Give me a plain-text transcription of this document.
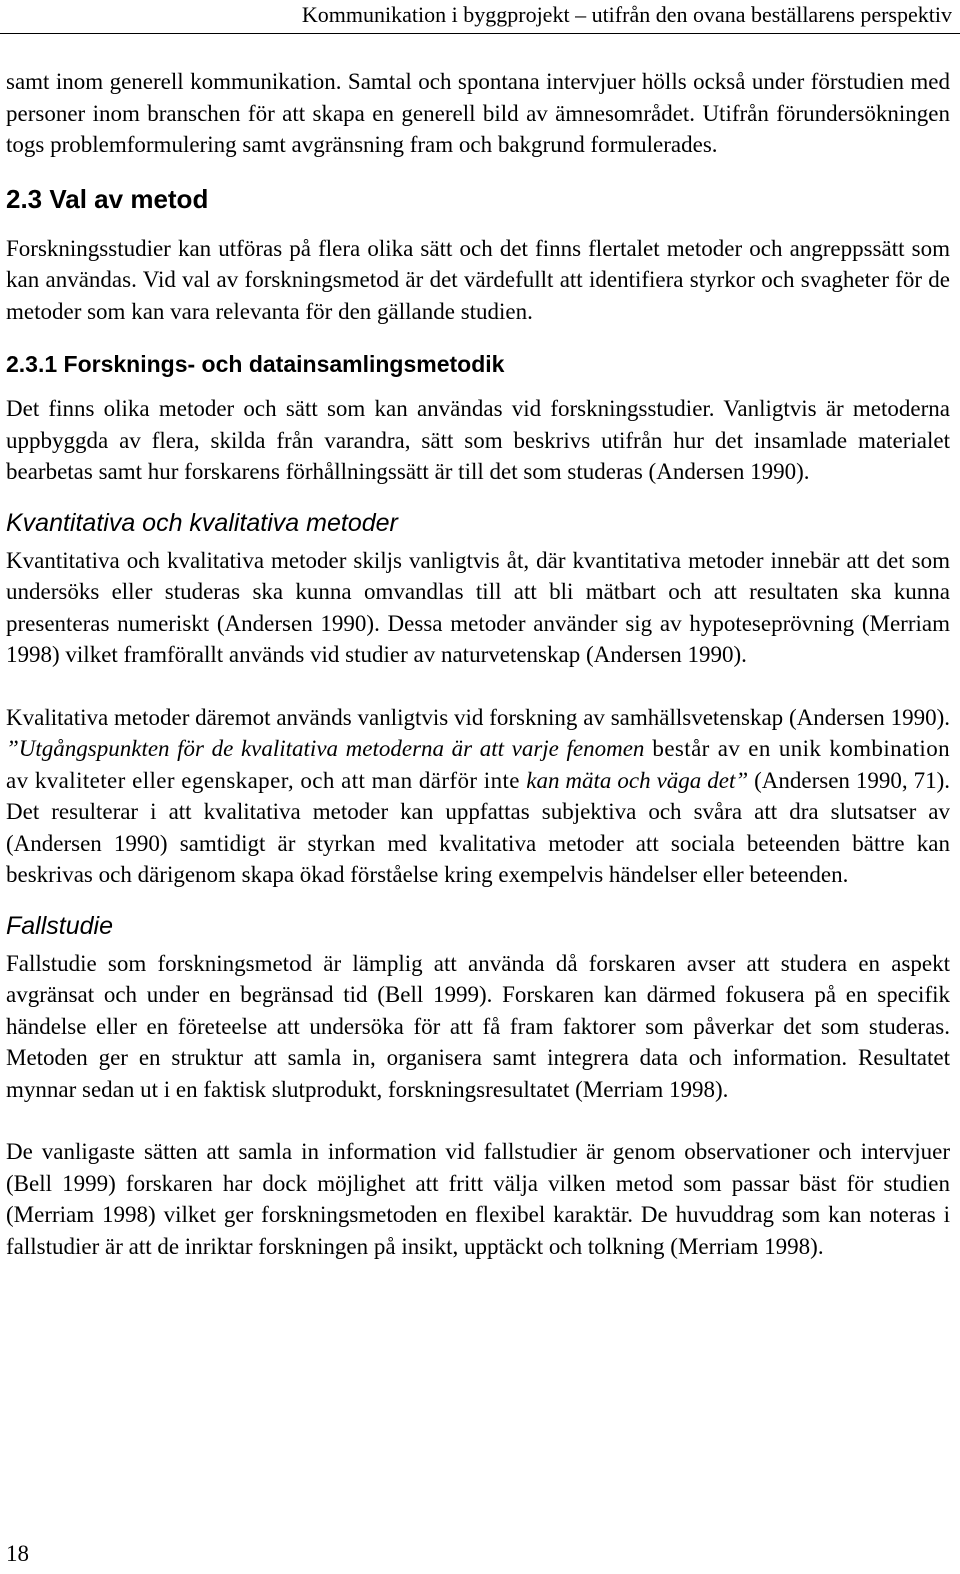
Kommunikation i byggprojekt – utifrån den ovana beställarens perspektiv

samt inom generell kommunikation. Samtal och spontana intervjuer hölls också under förstudien med personer inom branschen för att skapa en generell bild av ämnesområdet. Utifrån förundersökningen togs problemformulering samt avgränsning fram och bakgrund formulerades.

2.3 Val av metod

Forskningsstudier kan utföras på flera olika sätt och det finns flertalet metoder och angreppssätt som kan användas. Vid val av forskningsmetod är det värdefullt att identifiera styrkor och svagheter för de metoder som kan vara relevanta för den gällande studien.

2.3.1 Forsknings- och datainsamlingsmetodik

Det finns olika metoder och sätt som kan användas vid forskningsstudier. Vanligtvis är metoderna uppbyggda av flera, skilda från varandra, sätt som beskrivs utifrån hur det insamlade materialet bearbetas samt hur forskarens förhållningssätt är till det som studeras (Andersen 1990).

Kvantitativa och kvalitativa metoder

Kvantitativa och kvalitativa metoder skiljs vanligtvis åt, där kvantitativa metoder innebär att det som undersöks eller studeras ska kunna omvandlas till att bli mätbart och att resultaten ska kunna presenteras numeriskt (Andersen 1990). Dessa metoder använder sig av hypoteseprövning (Merriam 1998) vilket framförallt används vid studier av naturvetenskap (Andersen 1990).

Kvalitativa metoder däremot används vanligtvis vid forskning av samhällsvetenskap (Andersen 1990). ”Utgångspunkten för de kvalitativa metoderna är att varje fenomen består av en unik kombination av kvaliteter eller egenskaper, och att man därför inte kan mäta och väga det” (Andersen 1990, 71). Det resulterar i att kvalitativa metoder kan uppfattas subjektiva och svåra att dra slutsatser av (Andersen 1990) samtidigt är styrkan med kvalitativa metoder att sociala beteenden bättre kan beskrivas och därigenom skapa ökad förståelse kring exempelvis händelser eller beteenden.

Fallstudie

Fallstudie som forskningsmetod är lämplig att använda då forskaren avser att studera en aspekt avgränsat och under en begränsad tid (Bell 1999). Forskaren kan därmed fokusera på en specifik händelse eller en företeelse att undersöka för att få fram faktorer som påverkar det som studeras. Metoden ger en struktur att samla in, organisera samt integrera data och information. Resultatet mynnar sedan ut i en faktisk slutprodukt, forskningsresultatet (Merriam 1998).

De vanligaste sätten att samla in information vid fallstudier är genom observationer och intervjuer (Bell 1999) forskaren har dock möjlighet att fritt välja vilken metod som passar bäst för studien (Merriam 1998) vilket ger forskningsmetoden en flexibel karaktär. De huvuddrag som kan noteras i fallstudier är att de inriktar forskningen på insikt, upptäckt och tolkning (Merriam 1998).

18
